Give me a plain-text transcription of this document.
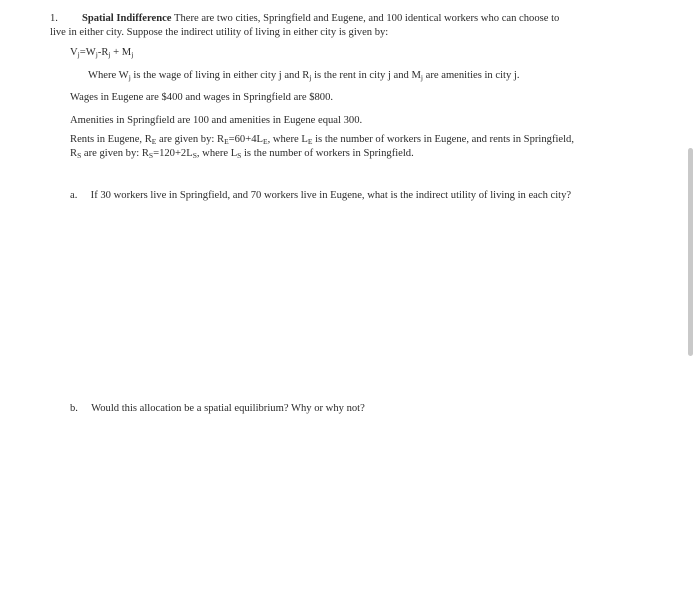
1. Spatial Indifference There are two cities, Springfield and Eugene, and 100 identical workers who can choose to
live in either city. Suppose the indirect utility of living in either city is given by:
$V_j=W_j-R_j + M_j$
Where $W_j$ is the wage of living in either city j and $R_j$ is the rent in city j and $M_j$ are amenities in city j.
Wages in Eugene are $400 and wages in Springfield are $800.
Amenities in Springfield are 100 and amenities in Eugene equal 300.
Rents in Eugene, $R_E$ are given by: $R_E=60+4L_E$, where $L_E$ is the number of workers in Eugene, and rents in Springfield,
$R_S$ are given by: $R_S=120+2L_S$, where $L_S$ is the number of workers in Springfield.
a. If 30 workers live in Springfield, and 70 workers live in Eugene, what is the indirect utility of living in each city?
b. Would this allocation be a spatial equilibrium? Why or why not?
